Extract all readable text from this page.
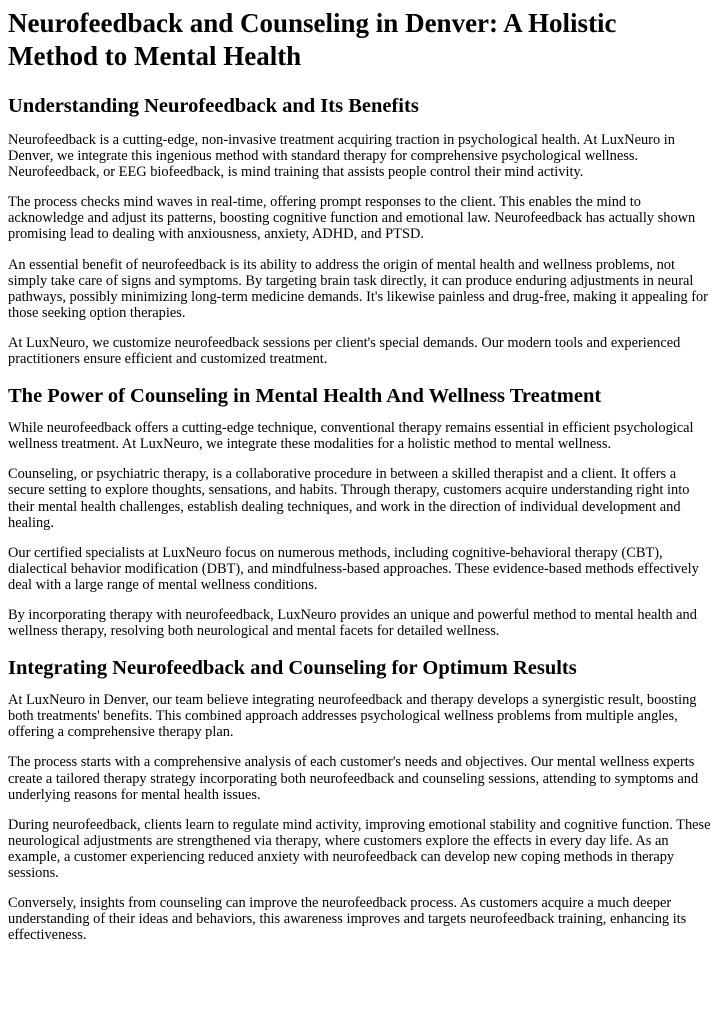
Neurofeedback and Counseling in Denver: A Holistic Method to Mental Health
Understanding Neurofeedback and Its Benefits

Neurofeedback is a cutting-edge, non-invasive treatment acquiring traction in psychological health. At LuxNeuro in Denver, we integrate this ingenious method with standard therapy for comprehensive psychological wellness. Neurofeedback, or EEG biofeedback, is mind training that assists people control their mind activity.

The process checks mind waves in real-time, offering prompt responses to the client. This enables the mind to acknowledge and adjust its patterns, boosting cognitive function and emotional law. Neurofeedback has actually shown promising lead to dealing with anxiousness, anxiety, ADHD, and PTSD.

An essential benefit of neurofeedback is its ability to address the origin of mental health and wellness problems, not simply take care of signs and symptoms. By targeting brain task directly, it can produce enduring adjustments in neural pathways, possibly minimizing long-term medicine demands. It's likewise painless and drug-free, making it appealing for those seeking option therapies.

At LuxNeuro, we customize neurofeedback sessions per client's special demands. Our modern tools and experienced practitioners ensure efficient and customized treatment.

The Power of Counseling in Mental Health And Wellness Treatment

While neurofeedback offers a cutting-edge technique, conventional therapy remains essential in efficient psychological wellness treatment. At LuxNeuro, we integrate these modalities for a holistic method to mental wellness.

Counseling, or psychiatric therapy, is a collaborative procedure in between a skilled therapist and a client. It offers a secure setting to explore thoughts, sensations, and habits. Through therapy, customers acquire understanding right into their mental health challenges, establish dealing techniques, and work in the direction of individual development and healing.

Our certified specialists at LuxNeuro focus on numerous methods, including cognitive-behavioral therapy (CBT), dialectical behavior modification (DBT), and mindfulness-based approaches. These evidence-based methods effectively deal with a large range of mental wellness conditions.

By incorporating therapy with neurofeedback, LuxNeuro provides an unique and powerful method to mental health and wellness therapy, resolving both neurological and mental facets for detailed wellness.

Integrating Neurofeedback and Counseling for Optimum Results

At LuxNeuro in Denver, our team believe integrating neurofeedback and therapy develops a synergistic result, boosting both treatments' benefits. This combined approach addresses psychological wellness problems from multiple angles, offering a comprehensive therapy plan.

The process starts with a comprehensive analysis of each customer's needs and objectives. Our mental wellness experts create a tailored therapy strategy incorporating both neurofeedback and counseling sessions, attending to symptoms and underlying reasons for mental health issues.

During neurofeedback, clients learn to regulate mind activity, improving emotional stability and cognitive function. These neurological adjustments are strengthened via therapy, where customers explore the effects in every day life. As an example, a customer experiencing reduced anxiety with neurofeedback can develop new coping methods in therapy sessions.

Conversely, insights from counseling can improve the neurofeedback process. As customers acquire a much deeper understanding of their ideas and behaviors, this awareness improves and targets neurofeedback training, enhancing its effectiveness.
